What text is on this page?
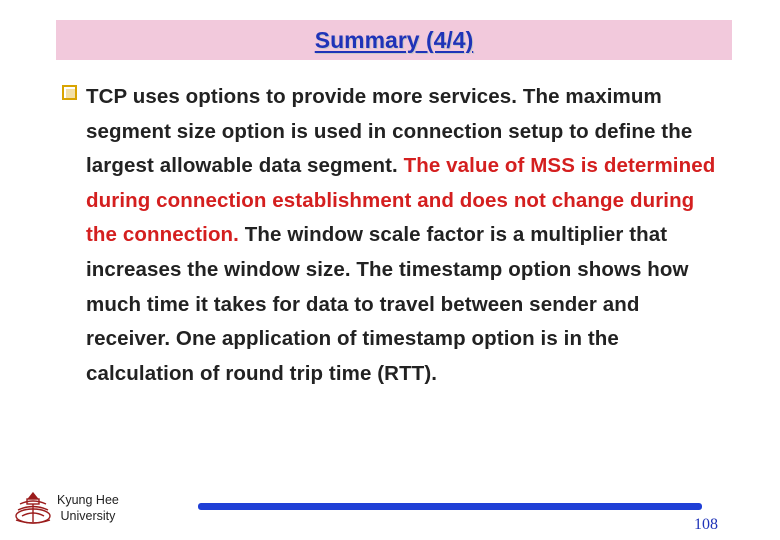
Summary (4/4)

TCP uses options to provide more services. The maximum segment size option is used in connection setup to define the largest allowable data segment. The value of MSS is determined during connection establishment and does not change during the connection. The window scale factor is a multiplier that increases the window size. The timestamp option shows how much time it takes for data to travel between sender and receiver. One application of timestamp option is in the calculation of round trip time (RTT).

Kyung Hee
University	108
